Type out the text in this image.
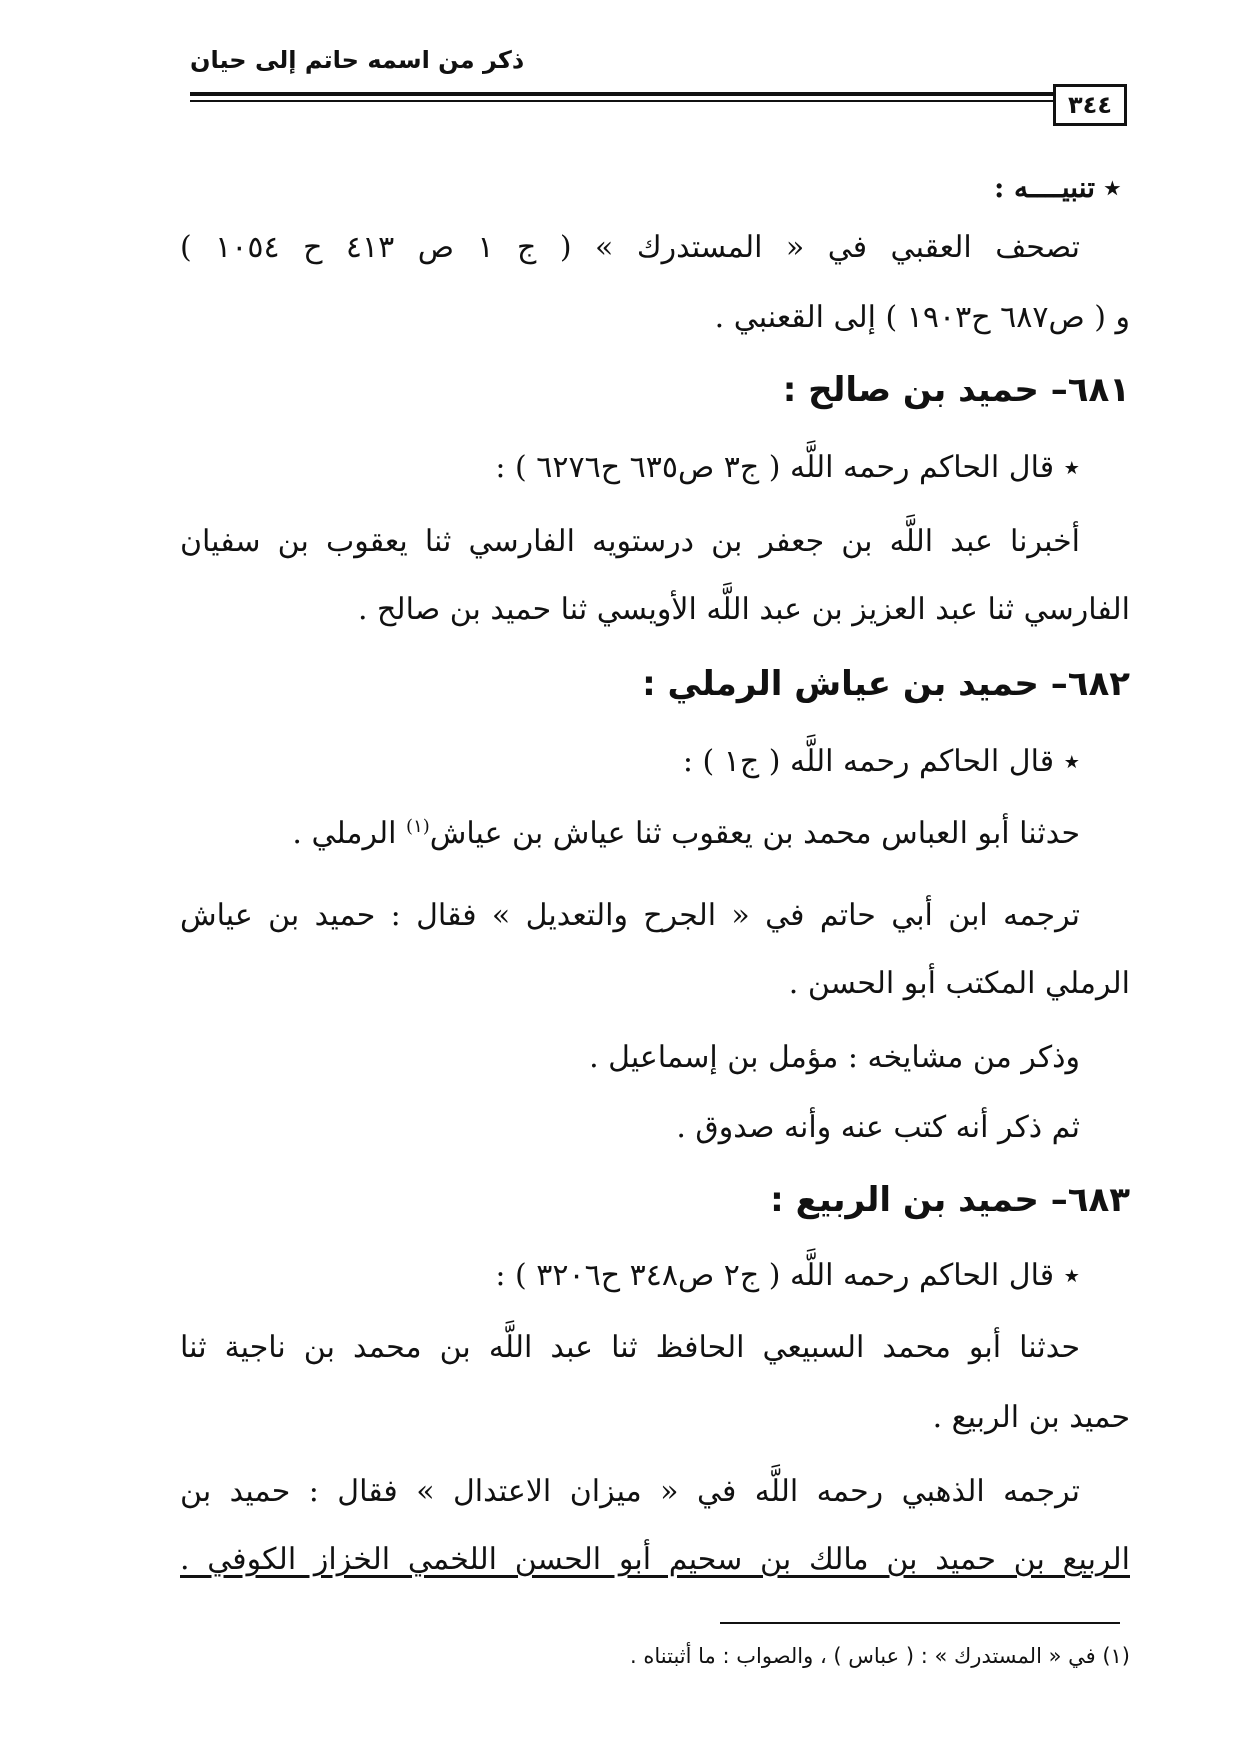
ذكر من اسمه حاتم إلى حيان
٣٤٤
٭ تنبيــــه :
تصحف العقبي في « المستدرك » ( ج ١ ص ٤١٣ ح ١٠٥٤ )
و ( ص٦٨٧ ح١٩٠٣ ) إلى القعنبي .
٦٨١– حميد بن صالح :
٭ قال الحاكم رحمه اللَّه ( ج٣ ص٦٣٥ ح٦٢٧٦ ) :
أخبرنا عبد اللَّه بن جعفر بن درستويه الفارسي ثنا يعقوب بن سفيان
الفارسي ثنا عبد العزيز بن عبد اللَّه الأويسي ثنا حميد بن صالح .
٦٨٢– حميد بن عياش الرملي :
٭ قال الحاكم رحمه اللَّه ( ج١ ) :
حدثنا أبو العباس محمد بن يعقوب ثنا عياش بن عياش$^{(١)}$ الرملي .
ترجمه ابن أبي حاتم في « الجرح والتعديل » فقال : حميد بن عياش
الرملي المكتب أبو الحسن .
وذكر من مشايخه : مؤمل بن إسماعيل .
ثم ذكر أنه كتب عنه وأنه صدوق .
٦٨٣– حميد بن الربيع :
٭ قال الحاكم رحمه اللَّه ( ج٢ ص٣٤٨ ح٣٢٠٦ ) :
حدثنا أبو محمد السبيعي الحافظ ثنا عبد اللَّه بن محمد بن ناجية ثنا
حميد بن الربيع .
ترجمه الذهبي رحمه اللَّه في « ميزان الاعتدال » فقال : حميد بن
الربيع بن حميد بن مالك بن سحيم أبو الحسن اللخمي الخزاز الكوفي .
(١) في « المستدرك » : ( عباس ) ، والصواب : ما أثبتناه .
